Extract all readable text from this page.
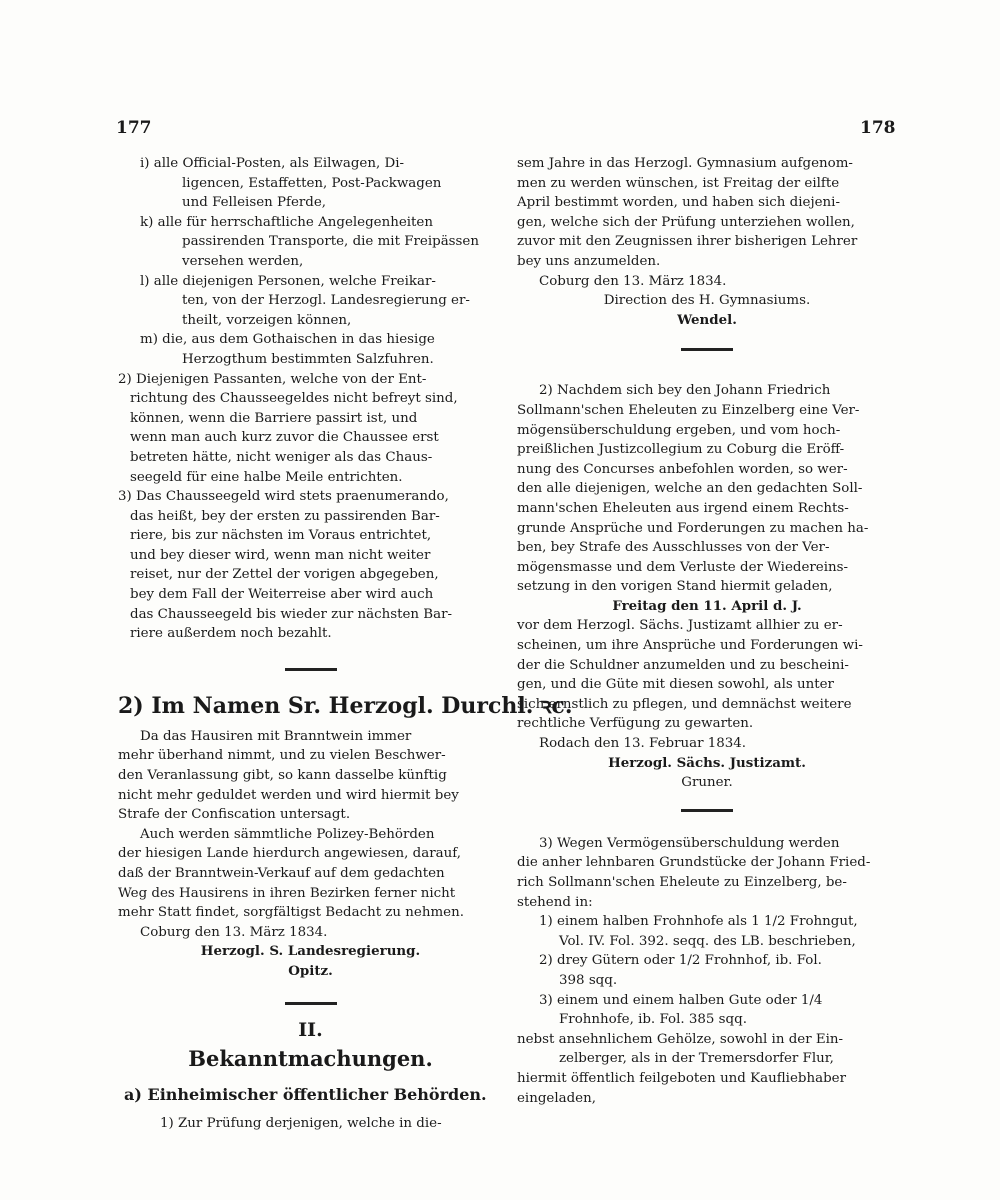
177	178
i) alle Official-Posten, als Eilwagen, Di-
ligencen, Estaffetten, Post-Packwagen
und Felleisen Pferde,
k) alle für herrschaftliche Angelegenheiten
passirenden Transporte, die mit Freipässen
versehen werden,
l) alle diejenigen Personen, welche Freikar-
ten, von der Herzogl. Landesregierung er-
theilt, vorzeigen können,
m) die, aus dem Gothaischen in das hiesige
Herzogthum bestimmten Salzfuhren.
2) Diejenigen Passanten, welche von der Ent-
richtung des Chausseegeldes nicht befreyt sind,
können, wenn die Barriere passirt ist, und
wenn man auch kurz zuvor die Chaussee erst
betreten hätte, nicht weniger als das Chaus-
seegeld für eine halbe Meile entrichten.
3) Das Chausseegeld wird stets praenumerando,
das heißt, bey der ersten zu passirenden Bar-
riere, bis zur nächsten im Voraus entrichtet,
und bey dieser wird, wenn man nicht weiter
reiset, nur der Zettel der vorigen abgegeben,
bey dem Fall der Weiterreise aber wird auch
das Chausseegeld bis wieder zur nächsten Bar-
riere außerdem noch bezahlt.
2) Im Namen Sr. Herzogl. Durchl. ꝛc.
Da das Hausiren mit Branntwein immer
mehr überhand nimmt, und zu vielen Beschwer-
den Veranlassung gibt, so kann dasselbe künftig
nicht mehr geduldet werden und wird hiermit bey
Strafe der Confiscation untersagt.
Auch werden sämmtliche Polizey-Behörden
der hiesigen Lande hierdurch angewiesen, darauf,
daß der Branntwein-Verkauf auf dem gedachten
Weg des Hausirens in ihren Bezirken ferner nicht
mehr Statt findet, sorgfältigst Bedacht zu nehmen.
Coburg den 13. März 1834.
Herzogl. S. Landesregierung.
Opitz.
II.
Bekanntmachungen.
a) Einheimischer öffentlicher Behörden.
1) Zur Prüfung derjenigen, welche in die-
sem Jahre in das Herzogl. Gymnasium aufgenom-
men zu werden wünschen, ist Freitag der eilfte
April bestimmt worden, und haben sich diejeni-
gen, welche sich der Prüfung unterziehen wollen,
zuvor mit den Zeugnissen ihrer bisherigen Lehrer
bey uns anzumelden.
Coburg den 13. März 1834.
Direction des H. Gymnasiums.
Wendel.
2) Nachdem sich bey den Johann Friedrich
Sollmann'schen Eheleuten zu Einzelberg eine Ver-
mögensüberschuldung ergeben, und vom hoch-
preißlichen Justizcollegium zu Coburg die Eröff-
nung des Concurses anbefohlen worden, so wer-
den alle diejenigen, welche an den gedachten Soll-
mann'schen Eheleuten aus irgend einem Rechts-
grunde Ansprüche und Forderungen zu machen ha-
ben, bey Strafe des Ausschlusses von der Ver-
mögensmasse und dem Verluste der Wiedereins-
setzung in den vorigen Stand hiermit geladen,
Freitag den 11. April d. J.
vor dem Herzogl. Sächs. Justizamt allhier zu er-
scheinen, um ihre Ansprüche und Forderungen wi-
der die Schuldner anzumelden und zu bescheini-
gen, und die Güte mit diesen sowohl, als unter
sich ernstlich zu pflegen, und demnächst weitere
rechtliche Verfügung zu gewarten.
Rodach den 13. Februar 1834.
Herzogl. Sächs. Justizamt.
Gruner.
3) Wegen Vermögensüberschuldung werden
die anher lehnbaren Grundstücke der Johann Fried-
rich Sollmann'schen Eheleute zu Einzelberg, be-
stehend in:
1) einem halben Frohnhofe als 1 1/2 Frohngut,
Vol. IV. Fol. 392. seqq. des LB. beschrieben,
2) drey Gütern oder 1/2 Frohnhof, ib. Fol.
398 sqq.
3) einem und einem halben Gute oder 1/4
Frohnhofe, ib. Fol. 385 sqq.
nebst ansehnlichem Gehölze, sowohl in der Ein-
zelberger, als in der Tremersdorfer Flur,
hiermit öffentlich feilgeboten und Kaufliebhaber
eingeladen,
